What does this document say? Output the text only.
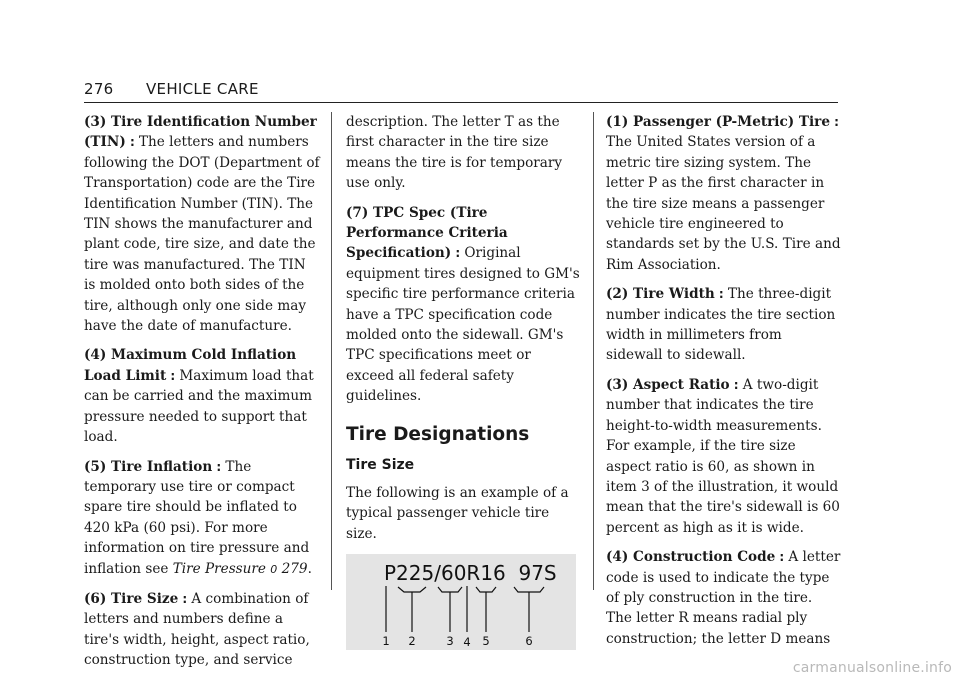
276 VEHICLE CARE

(3) Tire Identification Number (TIN) : The letters and numbers following the DOT (Department of Transportation) code are the Tire Identification Number (TIN). The TIN shows the manufacturer and plant code, tire size, and date the tire was manufactured. The TIN is molded onto both sides of the tire, although only one side may have the date of manufacture.

(4) Maximum Cold Inflation Load Limit : Maximum load that can be carried and the maximum pressure needed to support that load.

(5) Tire Inflation : The temporary use tire or compact spare tire should be inflated to 420 kPa (60 psi). For more information on tire pressure and inflation see Tire Pressure 0 279.

(6) Tire Size : A combination of letters and numbers define a tire's width, height, aspect ratio, construction type, and service

description. The letter T as the first character in the tire size means the tire is for temporary use only.

(7) TPC Spec (Tire Performance Criteria Specification) : Original equipment tires designed to GM's specific tire performance criteria have a TPC specification code molded onto the sidewall. GM's TPC specifications meet or exceed all federal safety guidelines.

Tire Designations
Tire Size

The following is an example of a typical passenger vehicle tire size.

P225/60R16  97S
1 2	3 4 5	6

(1) Passenger (P-Metric) Tire : The United States version of a metric tire sizing system. The letter P as the first character in the tire size means a passenger vehicle tire engineered to standards set by the U.S. Tire and Rim Association.

(2) Tire Width : The three-digit number indicates the tire section width in millimeters from sidewall to sidewall.

(3) Aspect Ratio : A two-digit number that indicates the tire height-to-width measurements. For example, if the tire size aspect ratio is 60, as shown in item 3 of the illustration, it would mean that the tire's sidewall is 60 percent as high as it is wide.

(4) Construction Code : A letter code is used to indicate the type of ply construction in the tire. The letter R means radial ply construction; the letter D means

carmanualsonline.info
